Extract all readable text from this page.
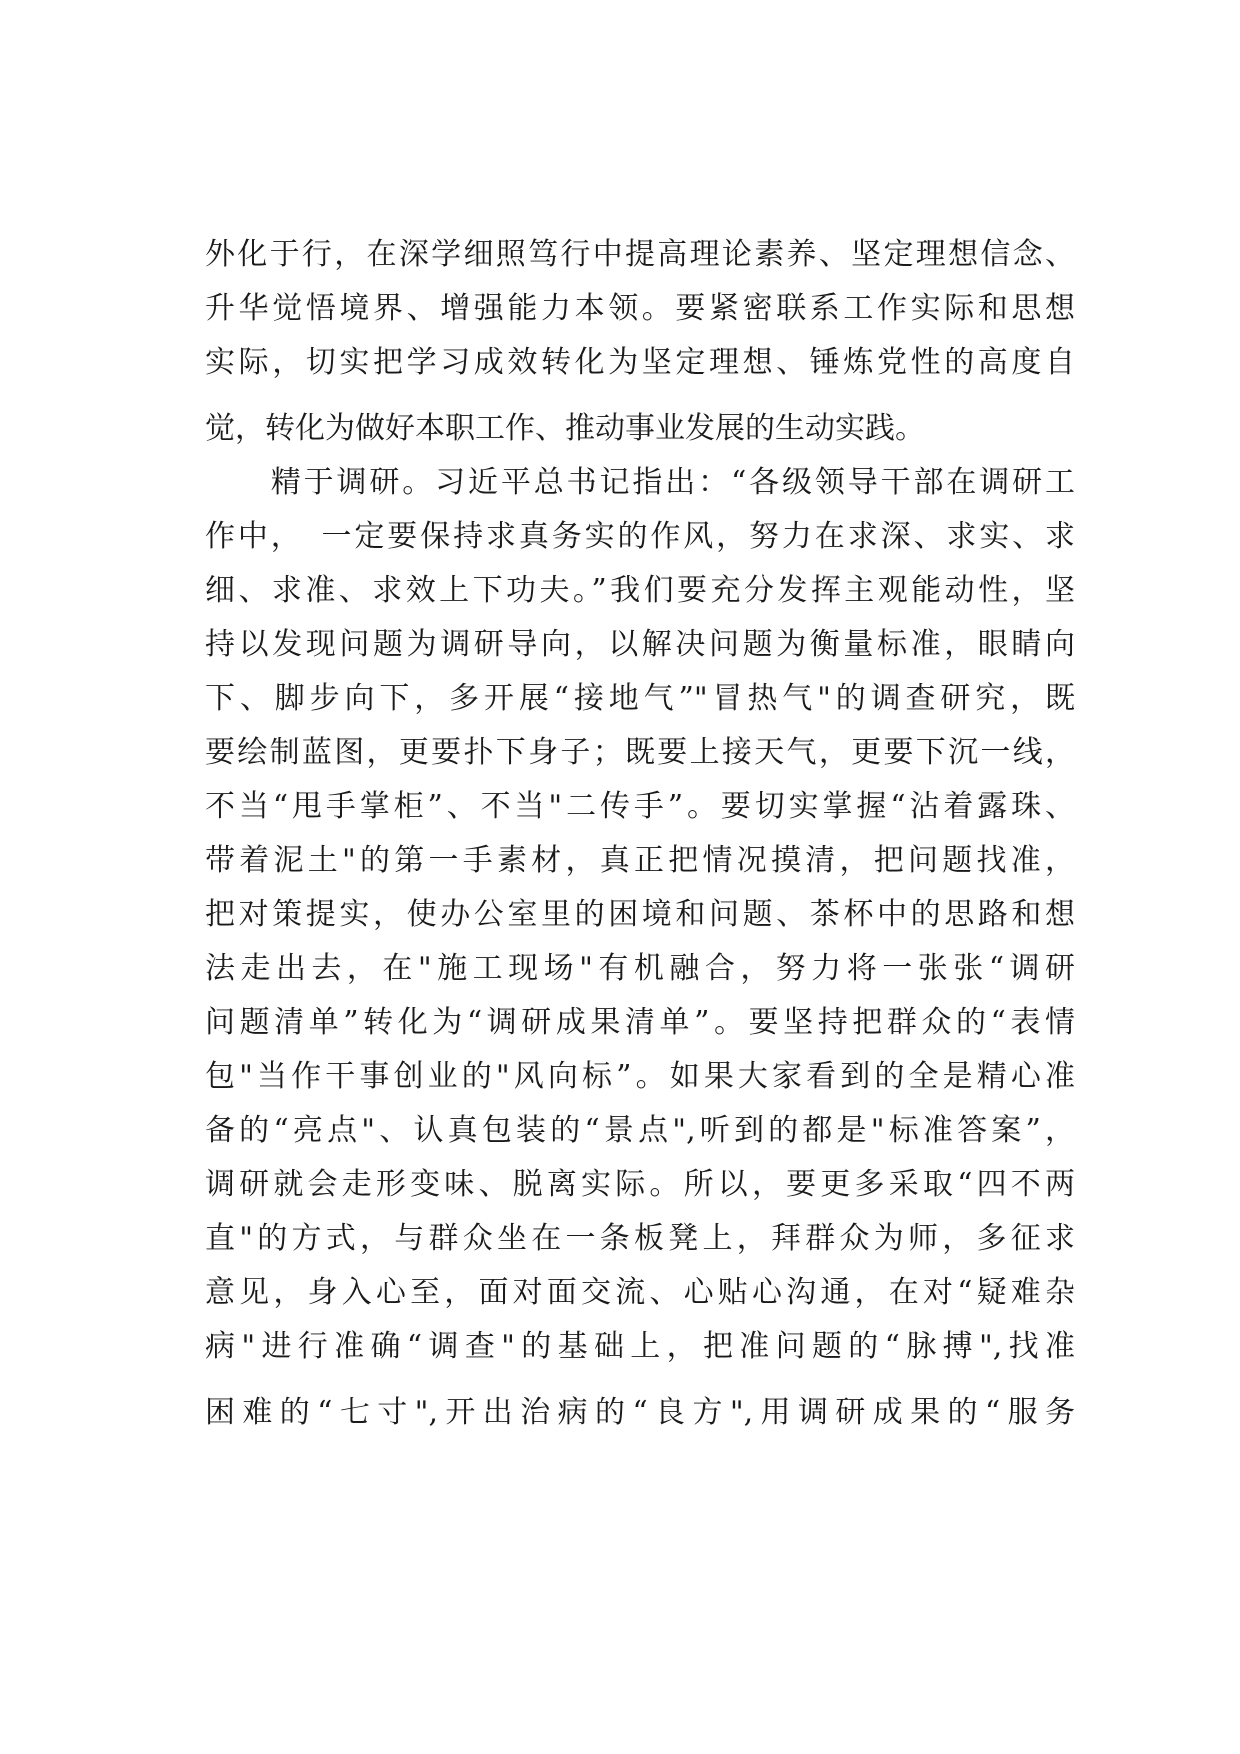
外化于行，在深学细照笃行中提高理论素养、坚定理想信念、
升华觉悟境界、增强能力本领。要紧密联系工作实际和思想
实际，切实把学习成效转化为坚定理想、锤炼党性的高度自
觉，转化为做好本职工作、推动事业发展的生动实践。
　　精于调研。习近平总书记指出：“各级领导干部在调研工
作中，　一定要保持求真务实的作风，努力在求深、求实、求
细、求准、求效上下功夫。”我们要充分发挥主观能动性，坚
持以发现问题为调研导向，以解决问题为衡量标准，眼睛向
下、脚步向下，多开展“接地气”"冒热气"的调查研究，既
要绘制蓝图，更要扑下身子；既要上接天气，更要下沉一线，
不当“甩手掌柜”、不当"二传手”。要切实掌握“沾着露珠、
带着泥土"的第一手素材，真正把情况摸清，把问题找准，
把对策提实，使办公室里的困境和问题、茶杯中的思路和想
法走出去，在"施工现场"有机融合，努力将一张张“调研
问题清单”转化为“调研成果清单”。要坚持把群众的“表情
包"当作干事创业的"风向标”。如果大家看到的全是精心准
备的“亮点"、认真包装的“景点",听到的都是"标准答案”，
调研就会走形变味、脱离实际。所以，要更多采取“四不两
直"的方式，与群众坐在一条板凳上，拜群众为师，多征求
意见，身入心至，面对面交流、心贴心沟通，在对“疑难杂
病"进行准确“调查"的基础上，把准问题的“脉搏",找准
困难的“七寸",开出治病的“良方",用调研成果的“服务
